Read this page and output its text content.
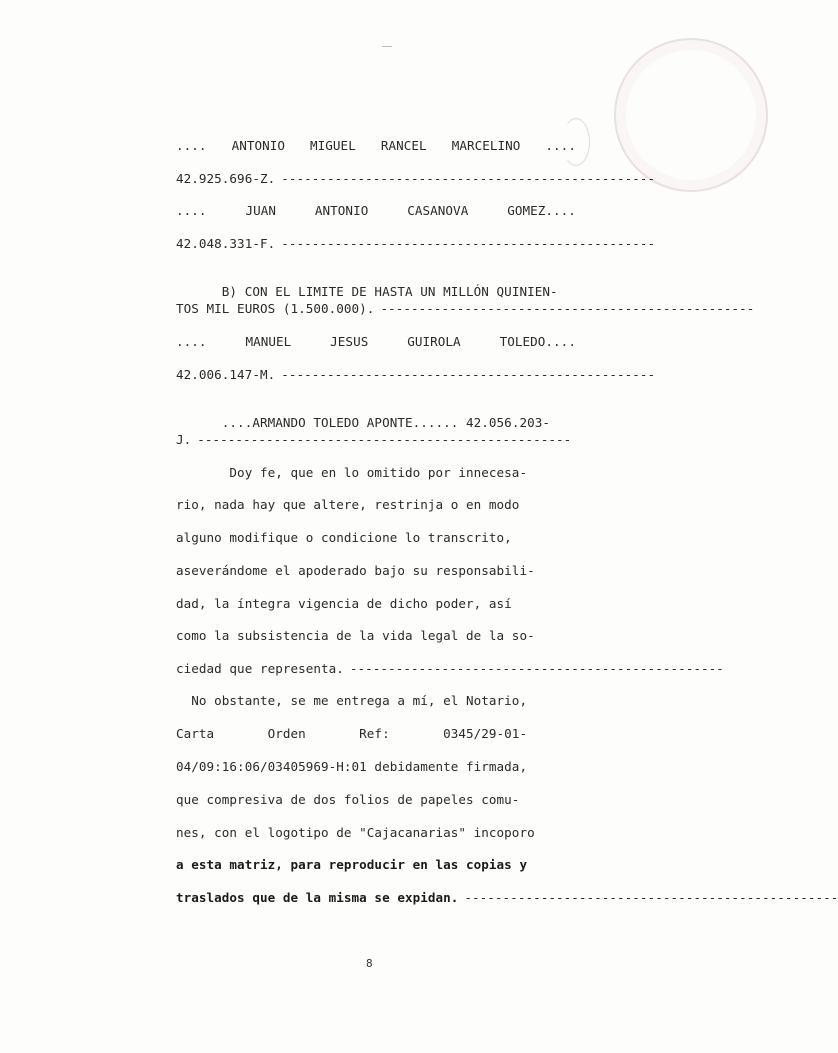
.... ANTONIO MIGUEL RANCEL MARCELINO ....
42.925.696-Z. -------------------------------------------------
....	JUAN	ANTONIO	CASANOVA	GOMEZ....
42.048.331-F. -------------------------------------------------

B) CON EL LIMITE DE HASTA UN MILLÓN QUINIEN-

TOS MIL EUROS (1.500.000). -------------------------------------------------
....	MANUEL	JESUS	GUIROLA	TOLEDO....
42.006.147-M. -------------------------------------------------

....ARMANDO TOLEDO APONTE...... 42.056.203-

J. -------------------------------------------------
Doy fe, que en lo omitido por innecesa-
rio, nada hay que altere, restrinja o en modo
alguno modifique o condicione lo transcrito,
aseverándome el apoderado bajo su responsabili-
dad, la íntegra vigencia de dicho poder, así
como la subsistencia de la vida legal de la so-
ciedad que representa. -------------------------------------------------
No obstante, se me entrega a mí, el Notario,
Carta       Orden       Ref:       0345/29-01-
04/09:16:06/03405969-H:01 debidamente firmada,
que compresiva de dos folios de papeles comu-
nes, con el logotipo de "Cajacanarias" incoporo
a esta matriz, para reproducir en las copias y
traslados que de la misma se expidan. -------------------------------------------------
8
